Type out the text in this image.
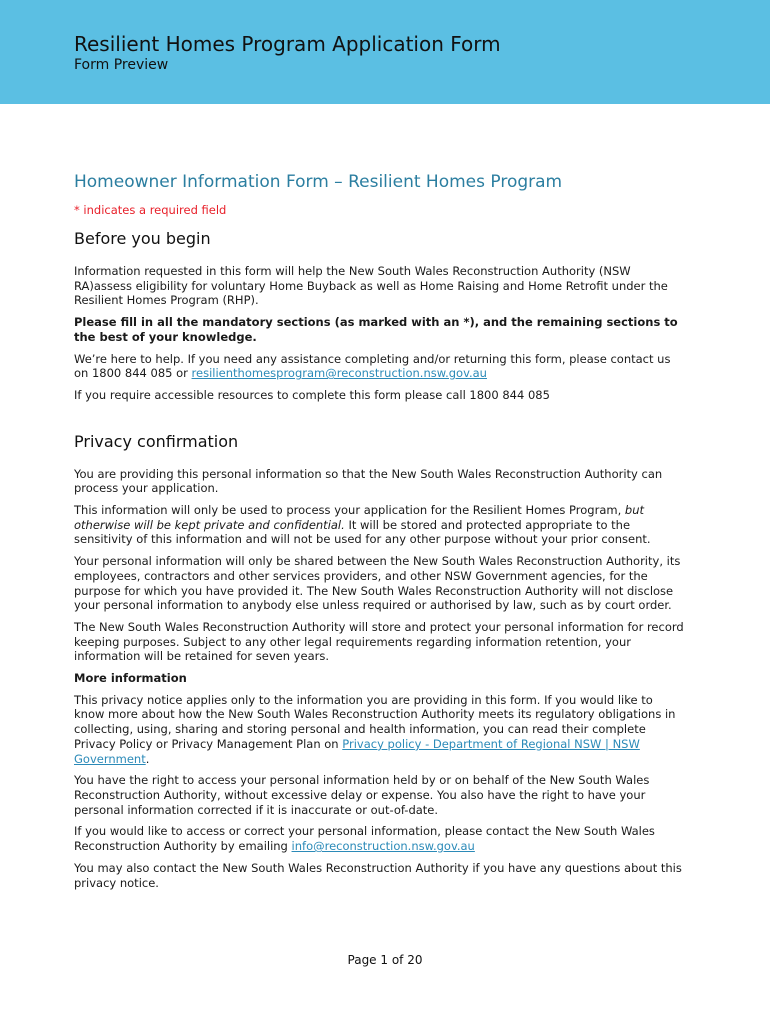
Resilient Homes Program Application Form
Form Preview
Homeowner Information Form – Resilient Homes Program
* indicates a required field
Before you begin

Information requested in this form will help the New South Wales Reconstruction Authority (NSW RA)assess eligibility for voluntary Home Buyback as well as Home Raising and Home Retrofit under the Resilient Homes Program (RHP).

Please fill in all the mandatory sections (as marked with an *), and the remaining sections to the best of your knowledge.

We’re here to help. If you need any assistance completing and/or returning this form, please contact us on 1800 844 085 or resilienthomesprogram@reconstruction.nsw.gov.au

If you require accessible resources to complete this form please call 1800 844 085

Privacy confirmation

You are providing this personal information so that the New South Wales Reconstruction Authority can process your application.

This information will only be used to process your application for the Resilient Homes Program, but otherwise will be kept private and confidential. It will be stored and protected appropriate to the sensitivity of this information and will not be used for any other purpose without your prior consent.

Your personal information will only be shared between the New South Wales Reconstruction Authority, its employees, contractors and other services providers, and other NSW Government agencies, for the purpose for which you have provided it. The New South Wales Reconstruction Authority will not disclose your personal information to anybody else unless required or authorised by law, such as by court order.

The New South Wales Reconstruction Authority will store and protect your personal information for record keeping purposes. Subject to any other legal requirements regarding information retention, your information will be retained for seven years.

More information

This privacy notice applies only to the information you are providing in this form. If you would like to know more about how the New South Wales Reconstruction Authority meets its regulatory obligations in collecting, using, sharing and storing personal and health information, you can read their complete Privacy Policy or Privacy Management Plan on Privacy policy - Department of Regional NSW | NSW Government.

You have the right to access your personal information held by or on behalf of the New South Wales Reconstruction Authority, without excessive delay or expense. You also have the right to have your personal information corrected if it is inaccurate or out-of-date.

If you would like to access or correct your personal information, please contact the New South Wales Reconstruction Authority by emailing info@reconstruction.nsw.gov.au

You may also contact the New South Wales Reconstruction Authority if you have any questions about this privacy notice.

Page 1 of 20
